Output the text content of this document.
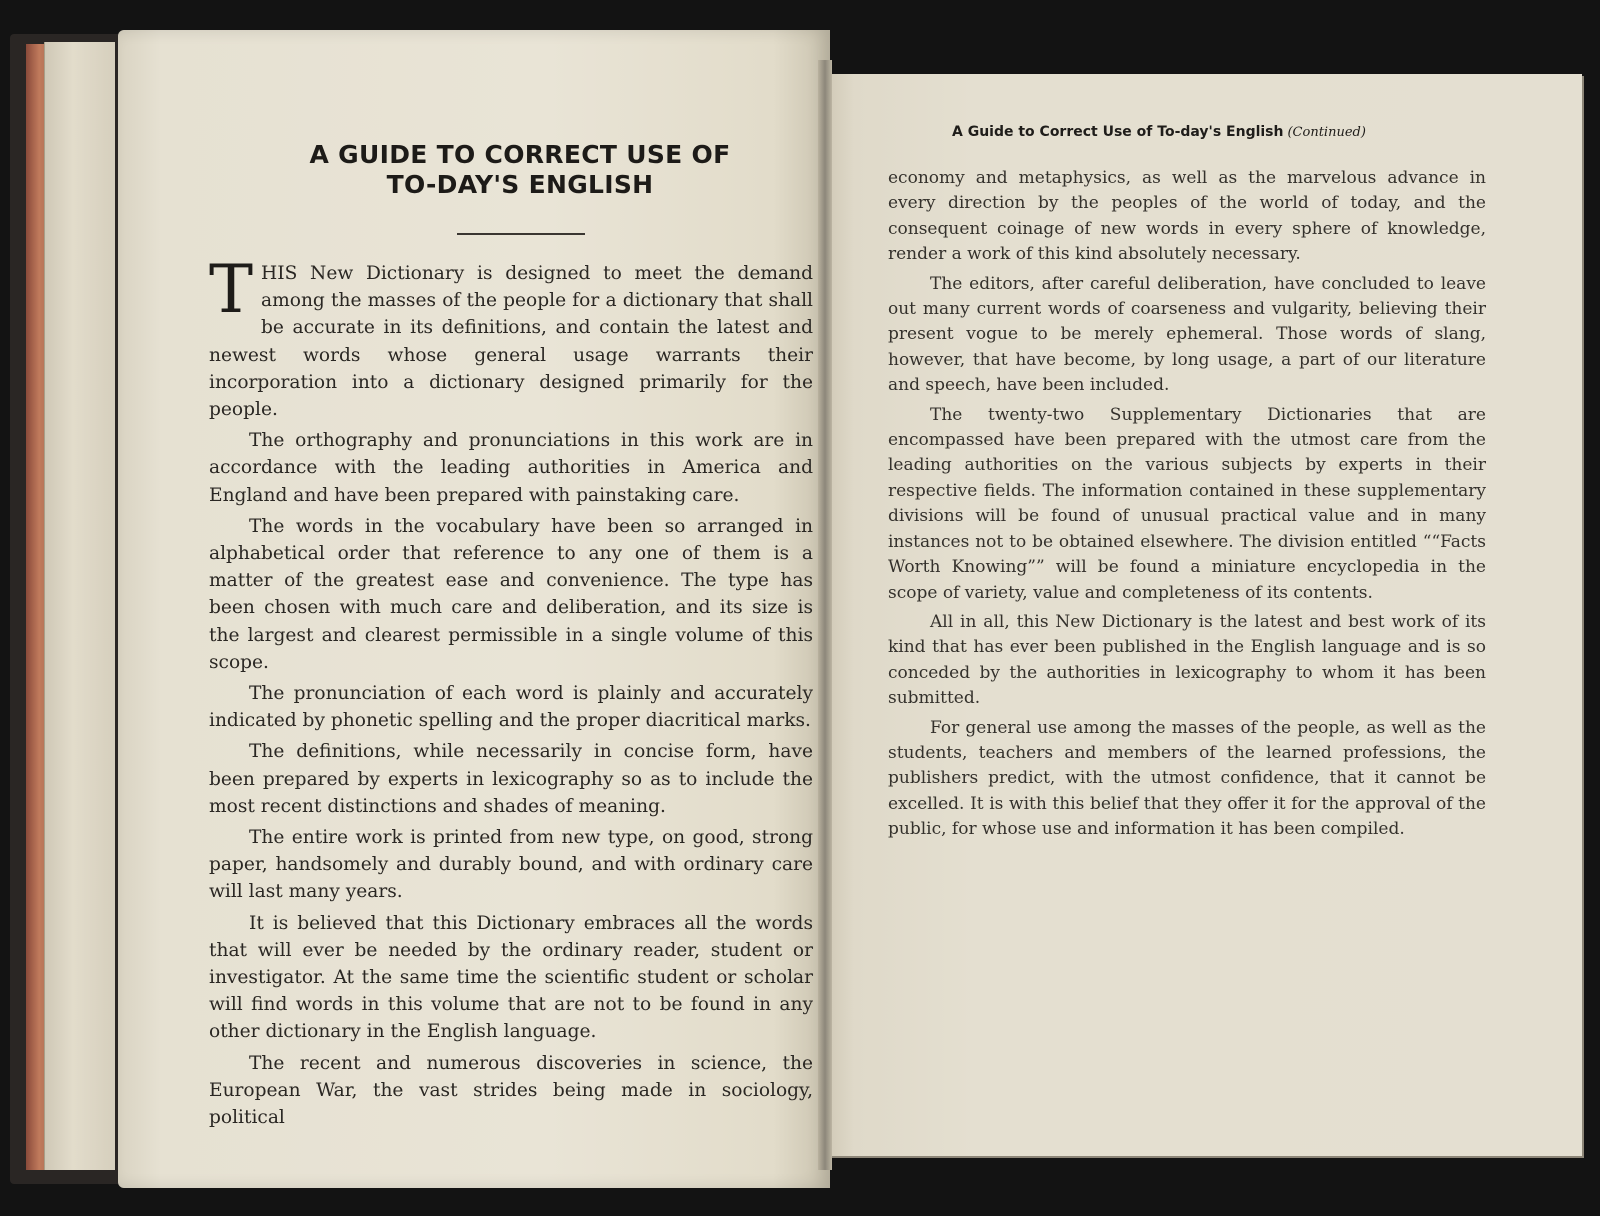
A GUIDE TO CORRECT USE OF
TO-DAY'S ENGLISH

THIS New Dictionary is designed to meet the demand among the masses of the people for a dictionary that shall be accurate in its definitions, and contain the latest and newest words whose general usage warrants their incorporation into a dictionary designed primarily for the people.

The orthography and pronunciations in this work are in accordance with the leading authorities in America and England and have been prepared with painstaking care.

The words in the vocabulary have been so arranged in alphabetical order that reference to any one of them is a matter of the greatest ease and convenience. The type has been chosen with much care and deliberation, and its size is the largest and clearest permissible in a single volume of this scope.

The pronunciation of each word is plainly and accurately indicated by phonetic spelling and the proper diacritical marks.

The definitions, while necessarily in concise form, have been prepared by experts in lexicography so as to include the most recent distinctions and shades of meaning.

The entire work is printed from new type, on good, strong paper, handsomely and durably bound, and with ordinary care will last many years.

It is believed that this Dictionary embraces all the words that will ever be needed by the ordinary reader, student or investigator. At the same time the scientific student or scholar will find words in this volume that are not to be found in any other dictionary in the English language.

The recent and numerous discoveries in science, the European War, the vast strides being made in sociology, political

A Guide to Correct Use of To-day's English (Continued)

economy and metaphysics, as well as the marvelous advance in every direction by the peoples of the world of today, and the consequent coinage of new words in every sphere of knowledge, render a work of this kind absolutely necessary.

The editors, after careful deliberation, have concluded to leave out many current words of coarseness and vulgarity, believing their present vogue to be merely ephemeral. Those words of slang, however, that have become, by long usage, a part of our literature and speech, have been included.

The twenty-two Supplementary Dictionaries that are encompassed have been prepared with the utmost care from the leading authorities on the various subjects by experts in their respective fields. The information contained in these supplementary divisions will be found of unusual practical value and in many instances not to be obtained elsewhere. The division entitled ““Facts Worth Knowing”” will be found a miniature encyclopedia in the scope of variety, value and completeness of its contents.

All in all, this New Dictionary is the latest and best work of its kind that has ever been published in the English language and is so conceded by the authorities in lexicography to whom it has been submitted.

For general use among the masses of the people, as well as the students, teachers and members of the learned professions, the publishers predict, with the utmost confidence, that it cannot be excelled. It is with this belief that they offer it for the approval of the public, for whose use and information it has been compiled.
